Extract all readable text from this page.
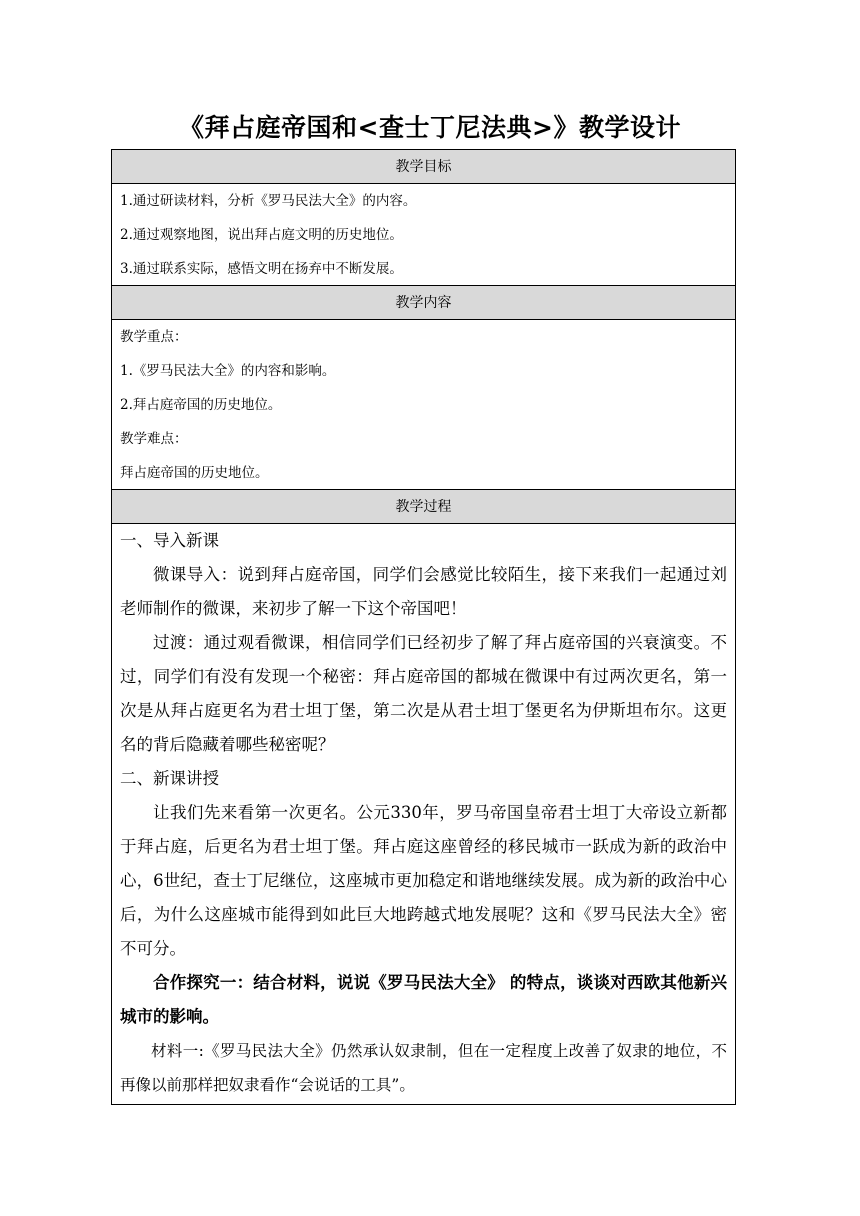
《拜占庭帝国和<查士丁尼法典>》教学设计
教学目标
1.通过研读材料，分析《罗马民法大全》的内容。
2.通过观察地图，说出拜占庭文明的历史地位。
3.通过联系实际，感悟文明在扬弃中不断发展。
教学内容
教学重点：
1.《罗马民法大全》的内容和影响。
2.拜占庭帝国的历史地位。
教学难点：
拜占庭帝国的历史地位。
教学过程

一、导入新课

微课导入：说到拜占庭帝国，同学们会感觉比较陌生，接下来我们一起通过刘老师制作的微课，来初步了解一下这个帝国吧！

过渡：通过观看微课，相信同学们已经初步了解了拜占庭帝国的兴衰演变。不过，同学们有没有发现一个秘密：拜占庭帝国的都城在微课中有过两次更名，第一次是从拜占庭更名为君士坦丁堡，第二次是从君士坦丁堡更名为伊斯坦布尔。这更名的背后隐藏着哪些秘密呢？

二、新课讲授

让我们先来看第一次更名。公元330年，罗马帝国皇帝君士坦丁大帝设立新都于拜占庭，后更名为君士坦丁堡。拜占庭这座曾经的移民城市一跃成为新的政治中心，6世纪，查士丁尼继位，这座城市更加稳定和谐地继续发展。成为新的政治中心后，为什么这座城市能得到如此巨大地跨越式地发展呢？这和《罗马民法大全》密不可分。

合作探究一：结合材料，说说《罗马民法大全》 的特点，谈谈对西欧其他新兴城市的影响。

材料一:《罗马民法大全》仍然承认奴隶制，但在一定程度上改善了奴隶的地位，不再像以前那样把奴隶看作“会说话的工具”。
